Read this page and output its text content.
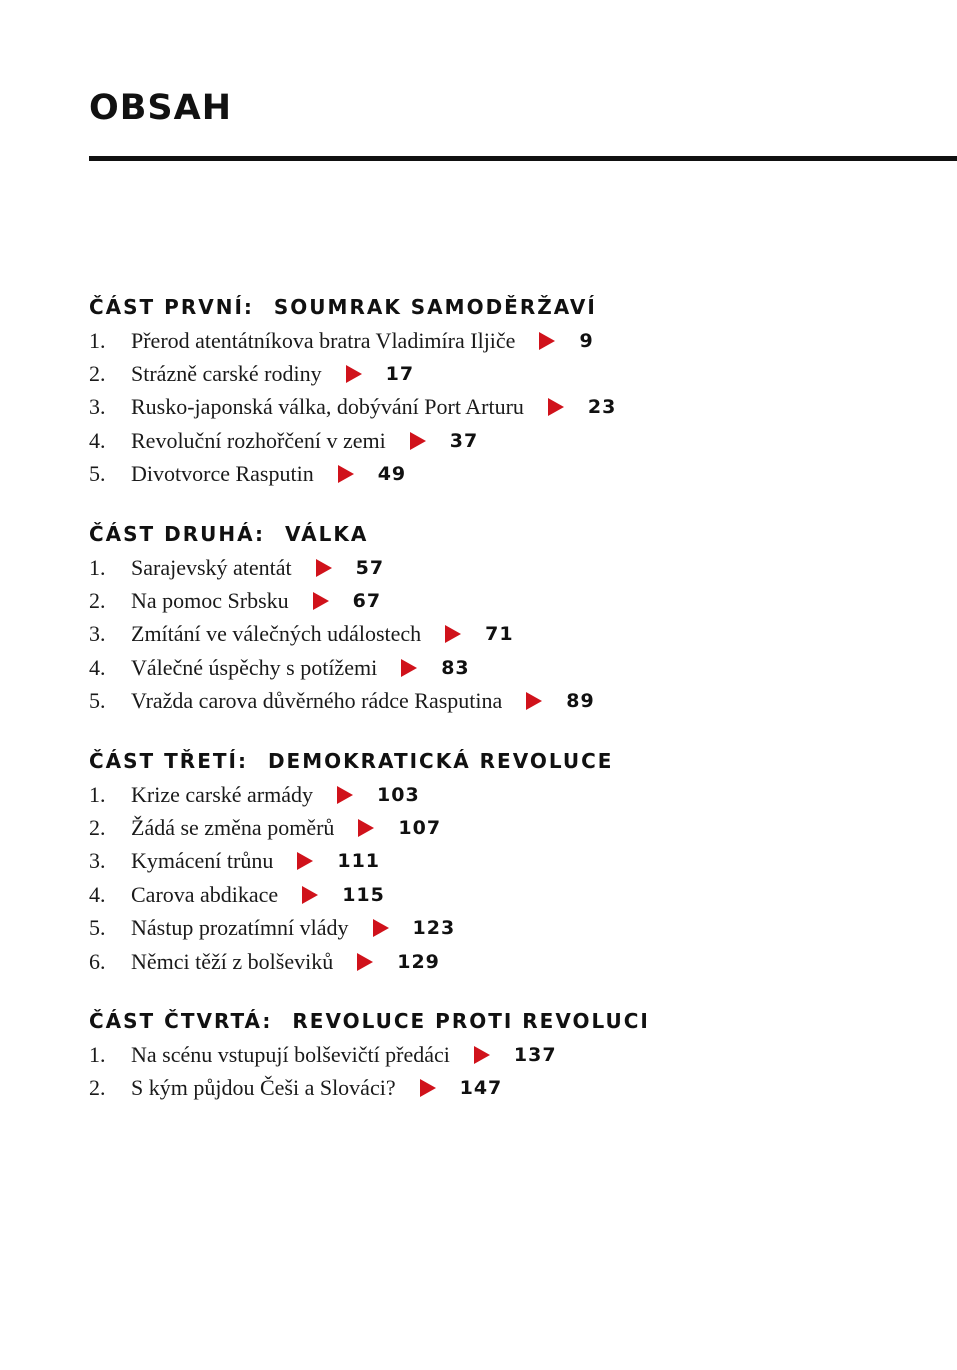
OBSAH
ČÁST PRVNÍ: SOUMRAK SAMODĚRŽAVÍ
1.	Přerod atentátníkova bratra Vladimíra Iljiče	9
2.	Strázně carské rodiny	17
3.	Rusko-japonská válka, dobývání Port Arturu	23
4.	Revoluční rozhořčení v zemi	37
5.	Divotvorce Rasputin	49
ČÁST DRUHÁ: VÁLKA
1.	Sarajevský atentát	57
2.	Na pomoc Srbsku	67
3.	Zmítání ve válečných událostech	71
4.	Válečné úspěchy s potížemi	83
5.	Vražda carova důvěrného rádce Rasputina	89
ČÁST TŘETÍ: DEMOKRATICKÁ REVOLUCE
1.	Krize carské armády	103
2.	Žádá se změna poměrů	107
3.	Kymácení trůnu	111
4.	Carova abdikace	115
5.	Nástup prozatímní vlády	123
6.	Němci těží z bolševiků	129
ČÁST ČTVRTÁ: REVOLUCE PROTI REVOLUCI
1.	Na scénu vstupují bolševičtí předáci	137
2.	S kým půjdou Češi a Slováci?	147
